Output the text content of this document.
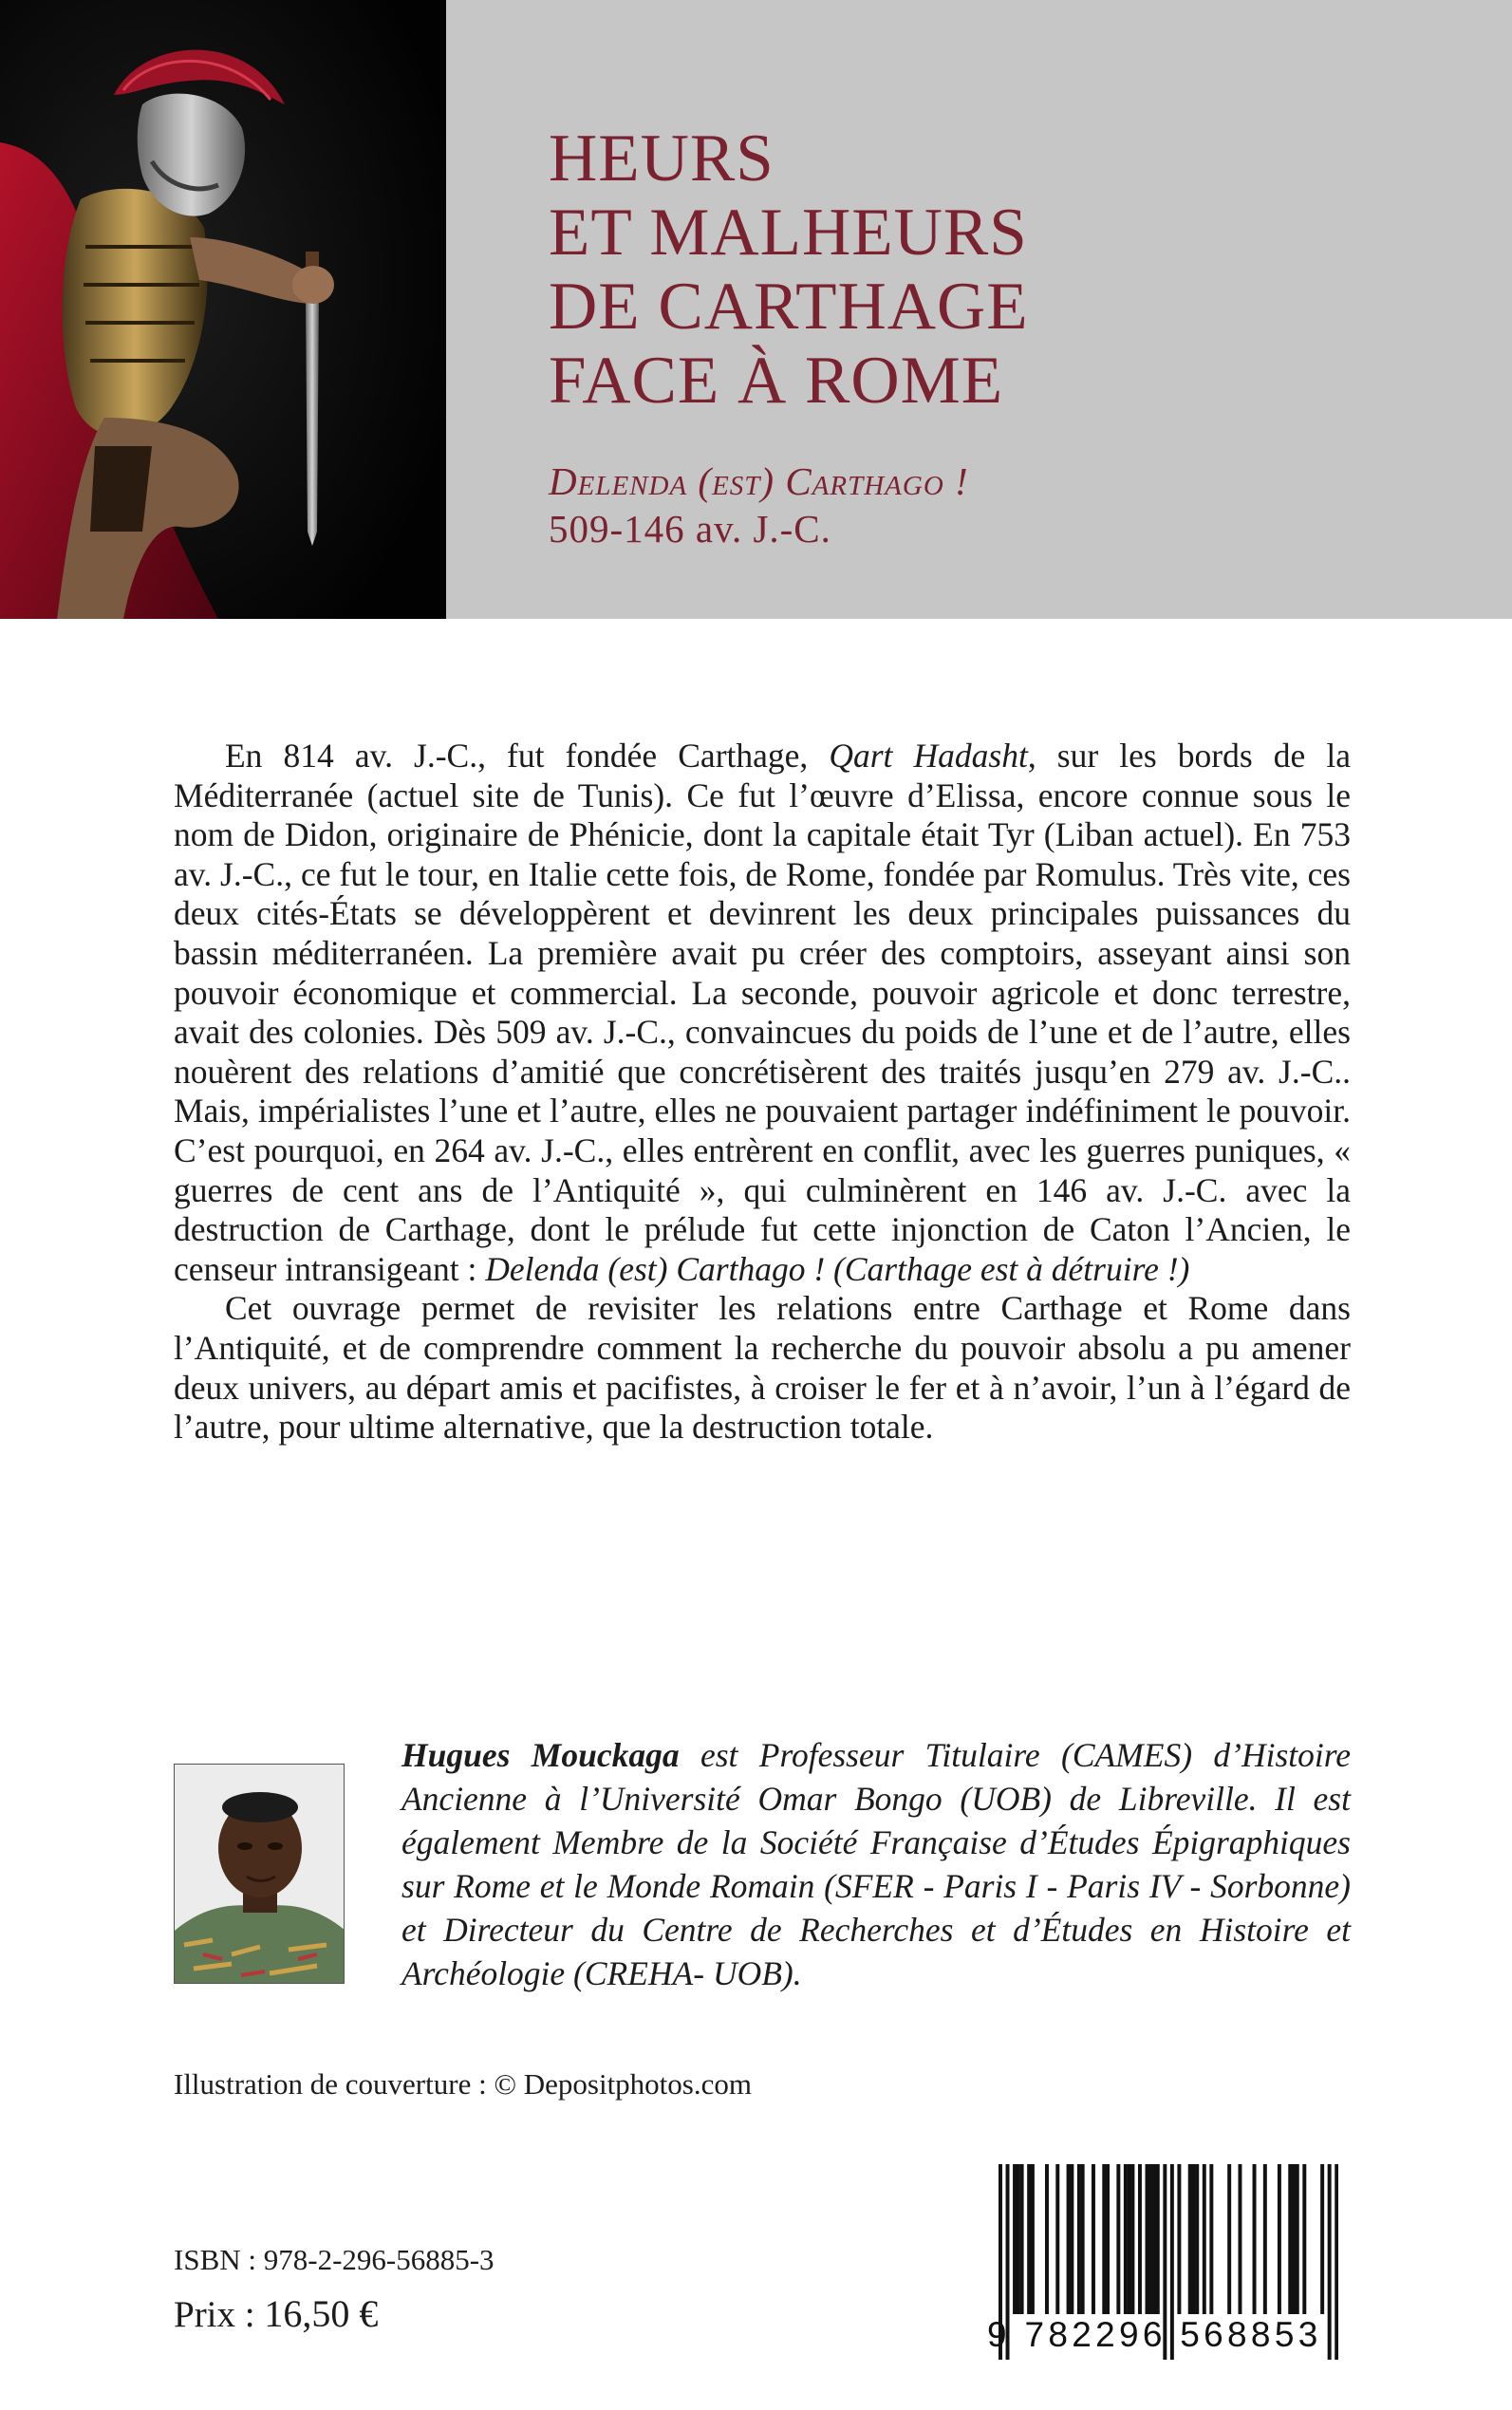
HEURS
ET MALHEURS
DE CARTHAGE
FACE À ROME
Delenda (est) Carthago !
509-146 av. J.-C.

En 814 av. J.-C., fut fondée Carthage, Qart Hadasht, sur les bords de la Méditerranée (actuel site de Tunis). Ce fut l’œuvre d’Elissa, encore connue sous le nom de Didon, originaire de Phénicie, dont la capitale était Tyr (Liban actuel). En 753 av. J.-C., ce fut le tour, en Italie cette fois, de Rome, fondée par Romulus. Très vite, ces deux cités-États se développèrent et devinrent les deux principales puissances du bassin méditerranéen. La première avait pu créer des comptoirs, asseyant ainsi son pouvoir économique et commercial. La seconde, pouvoir agricole et donc terrestre, avait des colonies. Dès 509 av. J.-C., convaincues du poids de l’une et de l’autre, elles nouèrent des relations d’amitié que concrétisèrent des traités jusqu’en 279 av. J.-C.. Mais, impérialistes l’une et l’autre, elles ne pouvaient partager indéfiniment le pouvoir. C’est pourquoi, en 264 av. J.-C., elles entrèrent en conflit, avec les guerres puniques, « guerres de cent ans de l’Antiquité », qui culminèrent en 146 av. J.-C. avec la destruction de Carthage, dont le prélude fut cette injonction de Caton l’Ancien, le censeur intransigeant : Delenda (est) Carthago ! (Carthage est à détruire !)

Cet ouvrage permet de revisiter les relations entre Carthage et Rome dans l’Antiquité, et de comprendre comment la recherche du pouvoir absolu a pu amener deux univers, au départ amis et pacifistes, à croiser le fer et à n’avoir, l’un à l’égard de l’autre, pour ultime alternative, que la destruction totale.

Hugues Mouckaga est Professeur Titulaire (CAMES) d’Histoire Ancienne à l’Université Omar Bongo (UOB) de Libreville. Il est également Membre de la Société Française d’Études Épigraphiques sur Rome et le Monde Romain (SFER - Paris I - Paris IV - Sorbonne) et Directeur du Centre de Recherches et d’Études en Histoire et Archéologie (CREHA- UOB).

Illustration de couverture : © Depositphotos.com
ISBN : 978-2-296-56885-3
Prix : 16,50 €	9 782296 568853
